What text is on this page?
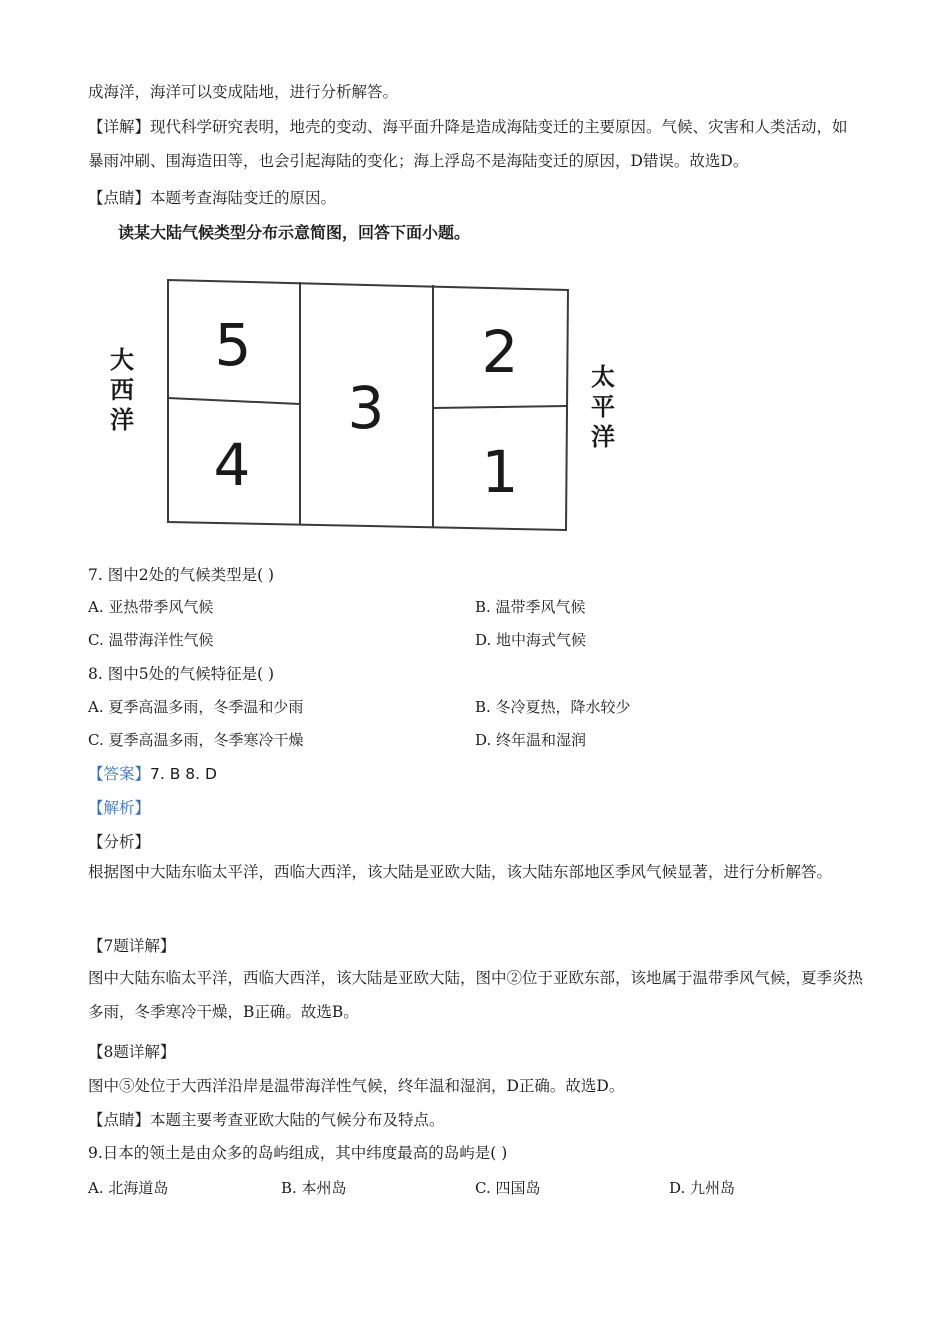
成海洋，海洋可以变成陆地，进行分析解答。
【详解】现代科学研究表明，地壳的变动、海平面升降是造成海陆变迁的主要原因。气候、灾害和人类活动，如暴雨冲刷、围海造田等，也会引起海陆的变化；海上浮岛不是海陆变迁的原因，D错误。故选D。
【点睛】本题考查海陆变迁的原因。
读某大陆气候类型分布示意简图，回答下面小题。
5
4
3
2
1
大
西
洋
太
平
洋
7. 图中2处的气候类型是( )
A. 亚热带季风气候	B. 温带季风气候
C. 温带海洋性气候	D. 地中海式气候
8. 图中5处的气候特征是( )
A. 夏季高温多雨，冬季温和少雨	B. 冬冷夏热，降水较少
C. 夏季高温多雨，冬季寒冷干燥	D. 终年温和湿润
【答案】7. B 8. D
【解析】
【分析】
根据图中大陆东临太平洋，西临大西洋，该大陆是亚欧大陆，该大陆东部地区季风气候显著，进行分析解答。
【7题详解】
图中大陆东临太平洋，西临大西洋，该大陆是亚欧大陆，图中②位于亚欧东部，该地属于温带季风气候，夏季炎热多雨，冬季寒冷干燥，B正确。故选B。
【8题详解】
图中⑤处位于大西洋沿岸是温带海洋性气候，终年温和湿润，D正确。故选D。
【点睛】本题主要考查亚欧大陆的气候分布及特点。
9.日本的领土是由众多的岛屿组成，其中纬度最高的岛屿是( )
A. 北海道岛	B. 本州岛	C. 四国岛	D. 九州岛
